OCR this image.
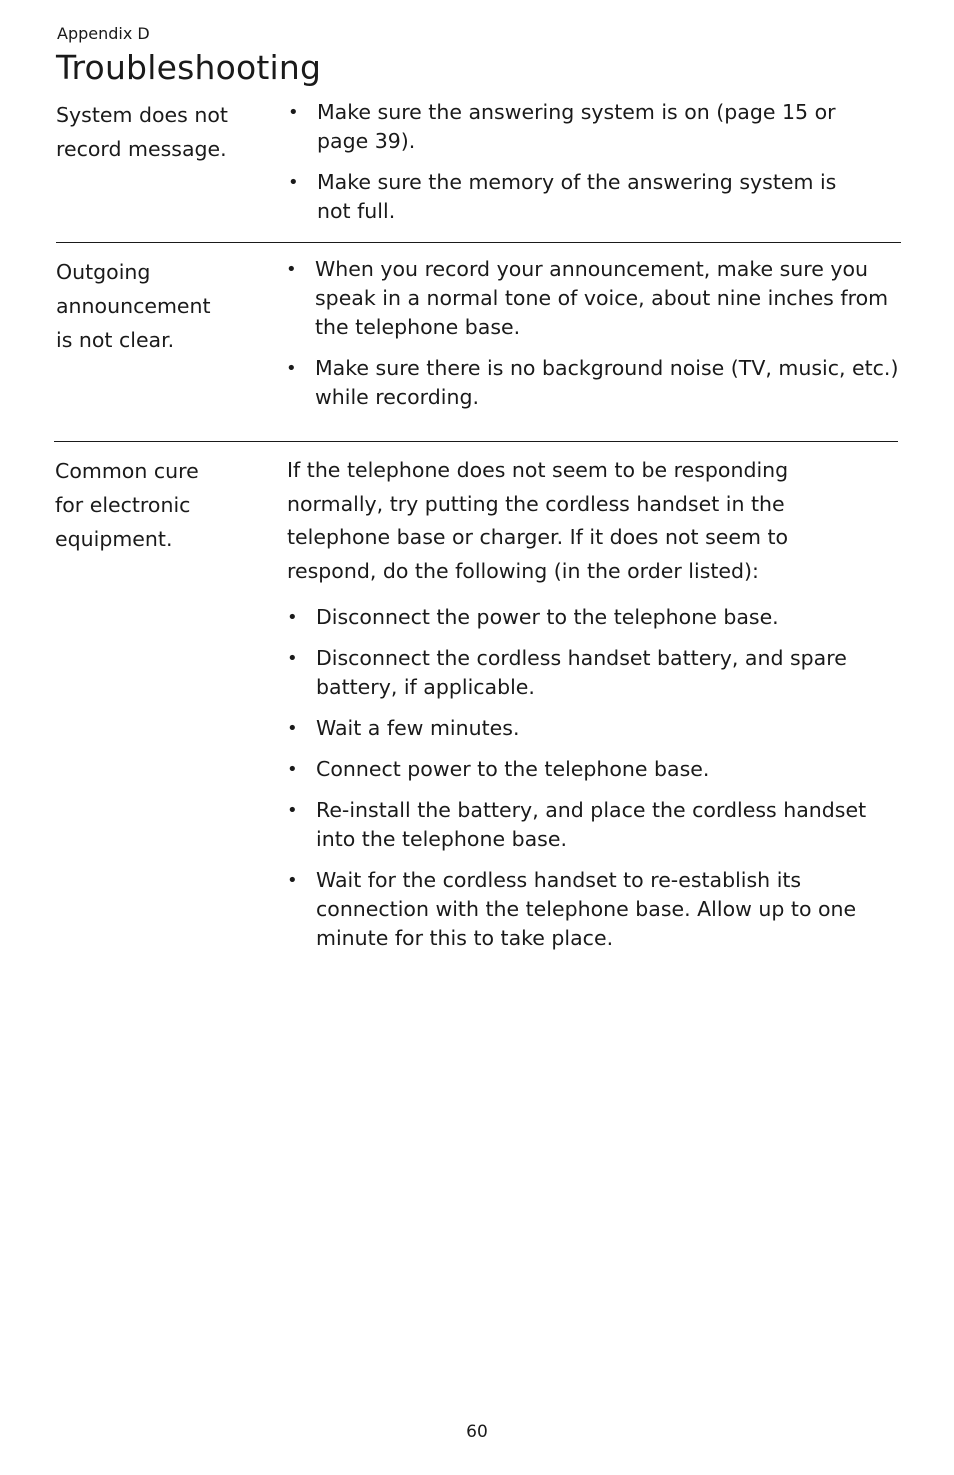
Appendix D
Troubleshooting
System does not
record message.
• Make sure the answering system is on (page 15 or page 39).
• Make sure the memory of the answering system is not full.
Outgoing
announcement
is not clear.
• When you record your announcement, make sure you speak in a normal tone of voice, about nine inches from the telephone base.
• Make sure there is no background noise (TV, music, etc.) while recording.
Common cure
for electronic
equipment.

If the telephone does not seem to be responding normally, try putting the cordless handset in the telephone base or charger. If it does not seem to respond, do the following (in the order listed):

• Disconnect the power to the telephone base.
• Disconnect the cordless handset battery, and spare battery, if applicable.
• Wait a few minutes.
• Connect power to the telephone base.
• Re-install the battery, and place the cordless handset into the telephone base.
• Wait for the cordless handset to re-establish its connection with the telephone base. Allow up to one minute for this to take place.
60
